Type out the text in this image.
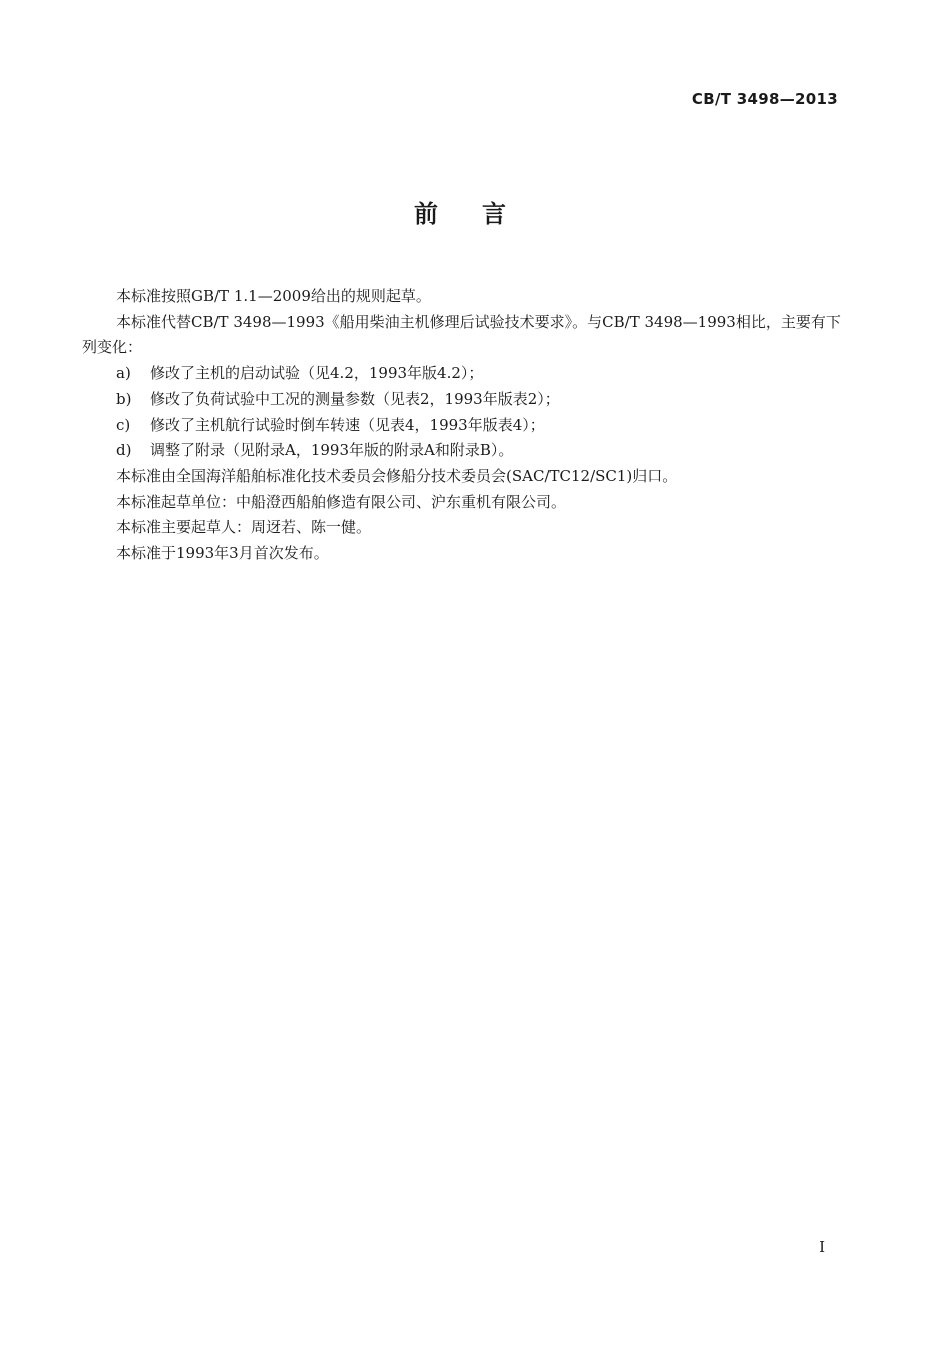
CB/T 3498—2013
前言

本标准按照GB/T 1.1—2009给出的规则起草。

本标准代替CB/T 3498—1993《船用柴油主机修理后试验技术要求》。与CB/T 3498—1993相比，主要有下列变化：

a)	修改了主机的启动试验（见4.2，1993年版4.2）；
b)	修改了负荷试验中工况的测量参数（见表2，1993年版表2）；
c)	修改了主机航行试验时倒车转速（见表4，1993年版表4）；
d)	调整了附录（见附录A，1993年版的附录A和附录B）。

本标准由全国海洋船舶标准化技术委员会修船分技术委员会(SAC/TC12/SC1)归口。

本标准起草单位：中船澄西船舶修造有限公司、沪东重机有限公司。

本标准主要起草人：周迓若、陈一健。

本标准于1993年3月首次发布。

I
